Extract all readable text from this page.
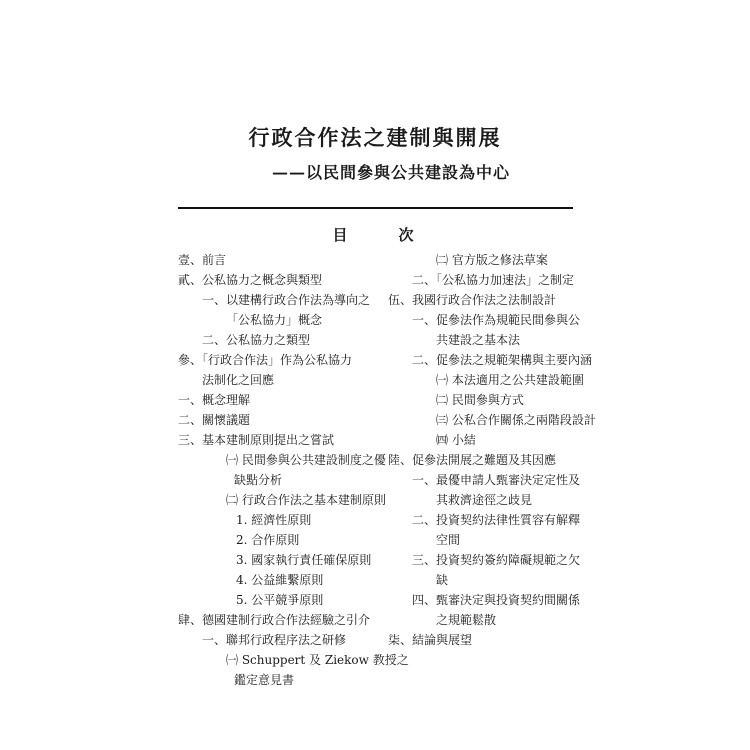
行政合作法之建制與開展
——以民間參與公共建設為中心
目　次
壹、前言
貳、公私協力之概念與類型
一、以建構行政合作法為導向之
「公私協力」概念
二、公私協力之類型
參、「行政合作法」作為公私協力
法制化之回應
一、概念理解
二、關懷議題
三、基本建制原則提出之嘗試
㈠ 民間參與公共建設制度之優
缺點分析
㈡ 行政合作法之基本建制原則
1. 經濟性原則
2. 合作原則
3. 國家執行責任確保原則
4. 公益維繫原則
5. 公平競爭原則
肆、德國建制行政合作法經驗之引介
一、聯邦行政程序法之研修
㈠ Schuppert 及 Ziekow 教授之
鑑定意見書
㈡ 官方版之修法草案
二、「公私協力加速法」之制定
伍、我國行政合作法之法制設計
一、促參法作為規範民間參與公
共建設之基本法
二、促參法之規範架構與主要內涵
㈠ 本法適用之公共建設範圍
㈡ 民間參與方式
㈢ 公私合作關係之兩階段設計
㈣ 小結
陸、促參法開展之難題及其因應
一、最優申請人甄審決定定性及
其救濟途徑之歧見
二、投資契約法律性質容有解釋
空間
三、投資契約簽約障礙規範之欠
缺
四、甄審決定與投資契約間關係
之規範鬆散
柒、結論與展望
